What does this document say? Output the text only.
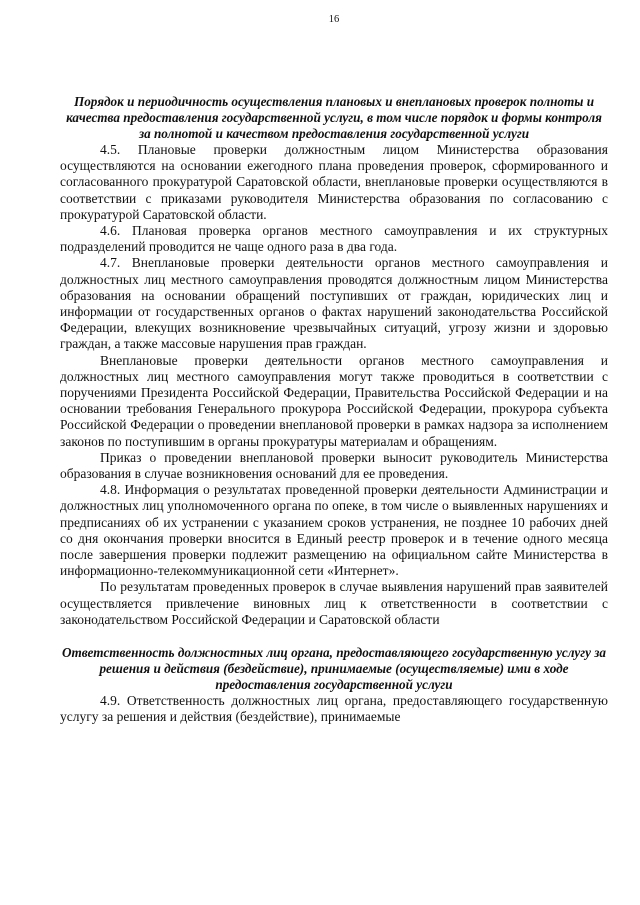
16

Порядок и периодичность осуществления плановых и внеплановых проверок полноты и качества предоставления государственной услуги, в том числе порядок и формы контроля за полнотой и качеством предоставления государственной услуги

4.5. Плановые проверки должностным лицом Министерства образования осуществляются на основании ежегодного плана проведения проверок, сформированного и согласованного прокуратурой Саратовской области, внеплановые проверки осуществляются в соответствии с приказами руководителя Министерства образования по согласованию с прокуратурой Саратовской области.

4.6. Плановая проверка органов местного самоуправления и их структурных подразделений проводится не чаще одного раза в два года.

4.7. Внеплановые проверки деятельности органов местного самоуправления и должностных лиц местного самоуправления проводятся должностным лицом Министерства образования на основании обращений поступивших от граждан, юридических лиц и информации от государственных органов о фактах нарушений законодательства Российской Федерации, влекущих возникновение чрезвычайных ситуаций, угрозу жизни и здоровью граждан, а также массовые нарушения прав граждан.

Внеплановые проверки деятельности органов местного самоуправления и должностных лиц местного самоуправления могут также проводиться в соответствии с поручениями Президента Российской Федерации, Правительства Российской Федерации и на основании требования Генерального прокурора Российской Федерации, прокурора субъекта Российской Федерации о проведении внеплановой проверки в рамках надзора за исполнением законов по поступившим в органы прокуратуры материалам и обращениям.

Приказ о проведении внеплановой проверки выносит руководитель Министерства образования в случае возникновения оснований для ее проведения.

4.8. Информация о результатах проведенной проверки деятельности Администрации и должностных лиц уполномоченного органа по опеке, в том числе о выявленных нарушениях и предписаниях об их устранении с указанием сроков устранения, не позднее 10 рабочих дней со дня окончания проверки вносится в Единый реестр проверок и в течение одного месяца после завершения проверки подлежит размещению на официальном сайте Министерства в информационно-телекоммуникационной сети «Интернет».

По результатам проведенных проверок в случае выявления нарушений прав заявителей осуществляется привлечение виновных лиц к ответственности в соответствии с законодательством Российской Федерации и Саратовской области

Ответственность должностных лиц органа, предоставляющего государственную услугу за решения и действия (бездействие), принимаемые (осуществляемые) ими в ходе предоставления государственной услуги

4.9. Ответственность должностных лиц органа, предоставляющего государственную услугу за решения и действия (бездействие), принимаемые
